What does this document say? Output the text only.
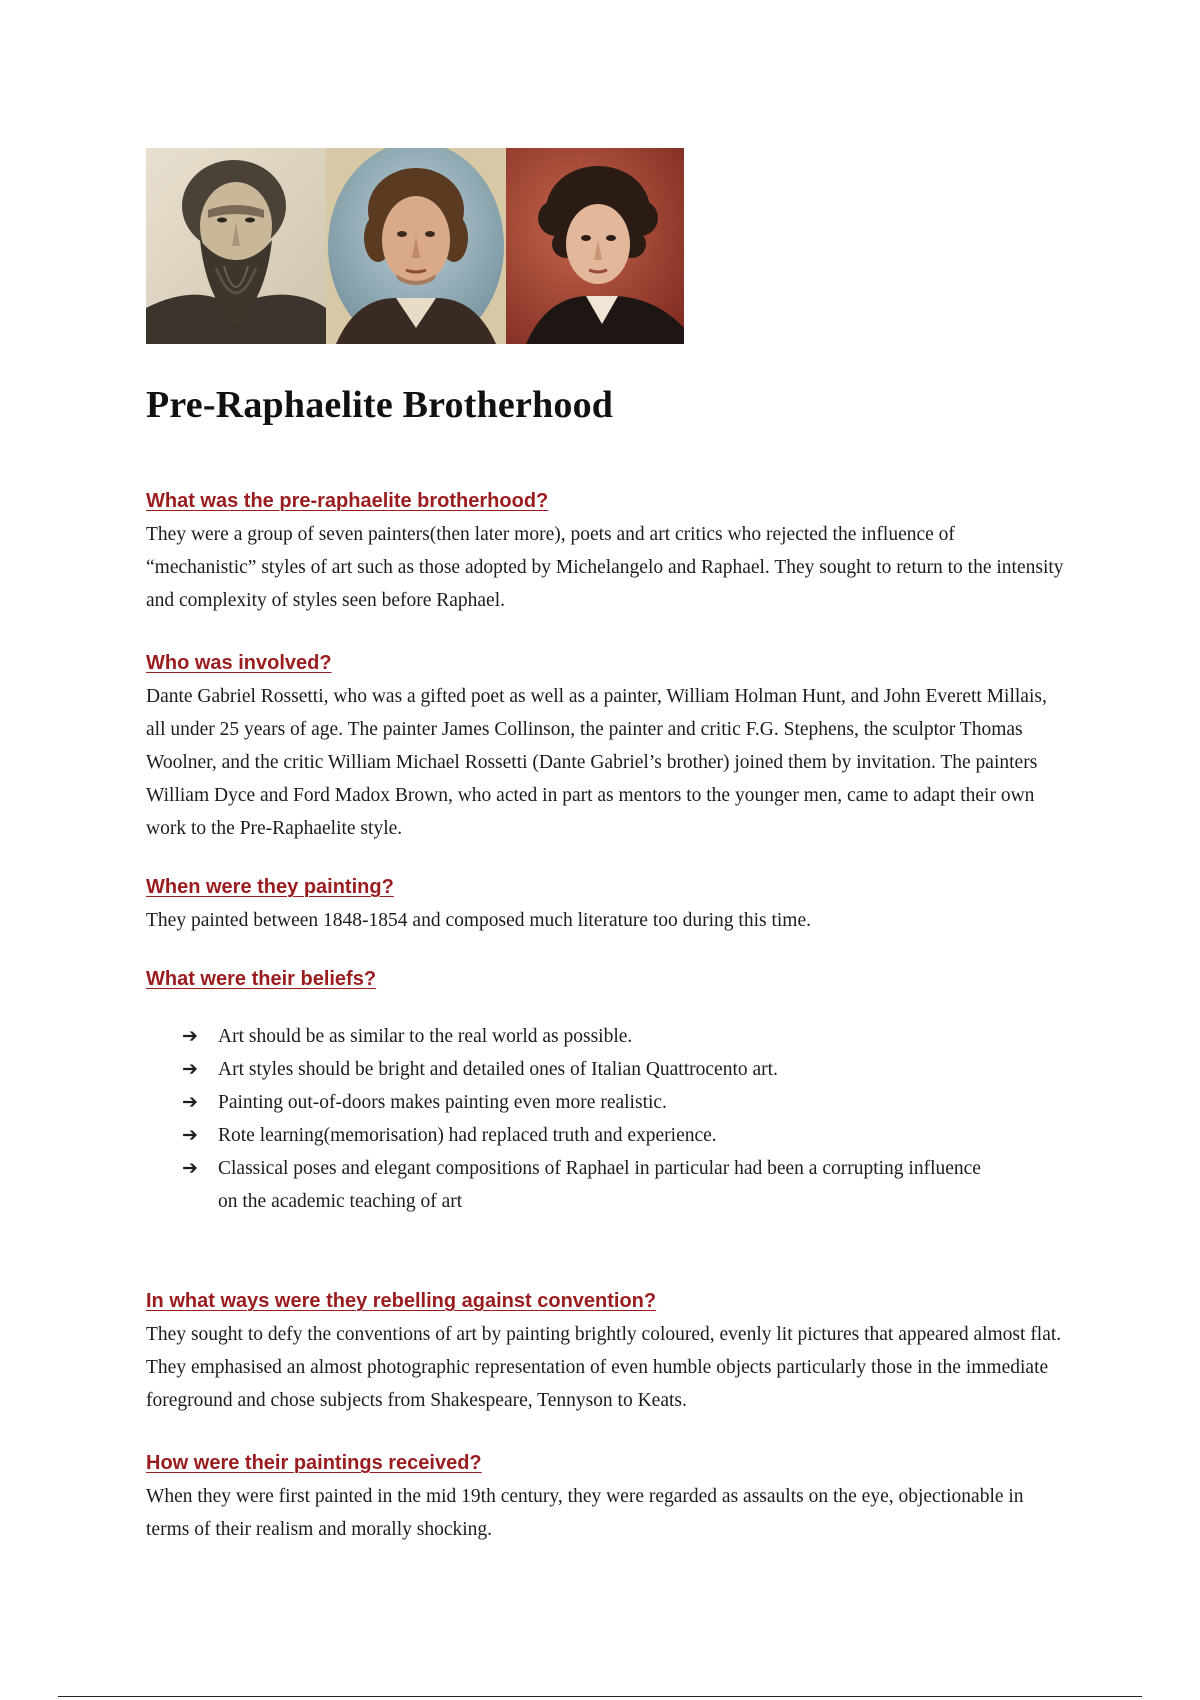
Pre-Raphaelite Brotherhood
What was the pre-raphaelite brotherhood?

They were a group of seven painters(then later more), poets and art critics who rejected the influence of “mechanistic” styles of art such as those adopted by Michelangelo and Raphael. They sought to return to the intensity and complexity of styles seen before Raphael.

Who was involved?

Dante Gabriel Rossetti, who was a gifted poet as well as a painter, William Holman Hunt, and John Everett Millais, all under 25 years of age. The painter James Collinson, the painter and critic F.G. Stephens, the sculptor Thomas Woolner, and the critic William Michael Rossetti (Dante Gabriel’s brother) joined them by invitation. The painters William Dyce and Ford Madox Brown, who acted in part as mentors to the younger men, came to adapt their own work to the Pre-Raphaelite style.

When were they painting?

They painted between 1848-1854 and composed much literature too during this time.

What were their beliefs?
➔ Art should be as similar to the real world as possible.
➔ Art styles should be bright and detailed ones of Italian Quattrocento art.
➔ Painting out-of-doors makes painting even more realistic.
➔ Rote learning(memorisation) had replaced truth and experience.
➔ Classical poses and elegant compositions of Raphael in particular had been a corrupting influence on the academic teaching of art
In what ways were they rebelling against convention?

They sought to defy the conventions of art by painting brightly coloured, evenly lit pictures that appeared almost flat. They emphasised an almost photographic representation of even humble objects particularly those in the immediate foreground and chose subjects from Shakespeare, Tennyson to Keats.

How were their paintings received?

When they were first painted in the mid 19th century, they were regarded as assaults on the eye, objectionable in terms of their realism and morally shocking.
